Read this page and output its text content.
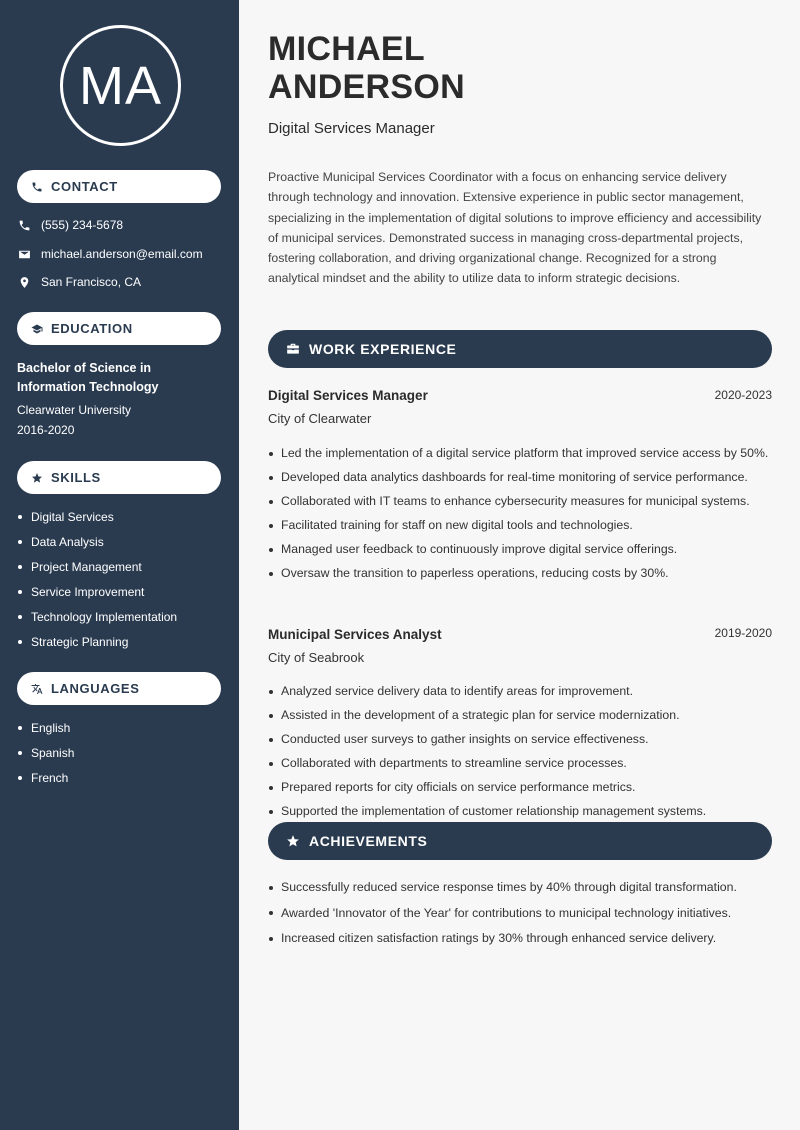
MA
CONTACT
(555) 234-5678
michael.anderson@email.com
San Francisco, CA
EDUCATION
Bachelor of Science in
Information Technology
Clearwater University
2016-2020
SKILLS
Digital Services
Data Analysis
Project Management
Service Improvement
Technology Implementation
Strategic Planning
LANGUAGES
English
Spanish
French
MICHAEL
ANDERSON
Digital Services Manager
Proactive Municipal Services Coordinator with a focus on enhancing service delivery through technology and innovation. Extensive experience in public sector management, specializing in the implementation of digital solutions to improve efficiency and accessibility of municipal services. Demonstrated success in managing cross-departmental projects, fostering collaboration, and driving organizational change. Recognized for a strong analytical mindset and the ability to utilize data to inform strategic decisions.
WORK EXPERIENCE
Digital Services Manager	2020-2023
City of Clearwater
Led the implementation of a digital service platform that improved service access by 50%.
Developed data analytics dashboards for real-time monitoring of service performance.
Collaborated with IT teams to enhance cybersecurity measures for municipal systems.
Facilitated training for staff on new digital tools and technologies.
Managed user feedback to continuously improve digital service offerings.
Oversaw the transition to paperless operations, reducing costs by 30%.
Municipal Services Analyst	2019-2020
City of Seabrook
Analyzed service delivery data to identify areas for improvement.
Assisted in the development of a strategic plan for service modernization.
Conducted user surveys to gather insights on service effectiveness.
Collaborated with departments to streamline service processes.
Prepared reports for city officials on service performance metrics.
Supported the implementation of customer relationship management systems.
ACHIEVEMENTS
Successfully reduced service response times by 40% through digital transformation.
Awarded 'Innovator of the Year' for contributions to municipal technology initiatives.
Increased citizen satisfaction ratings by 30% through enhanced service delivery.
